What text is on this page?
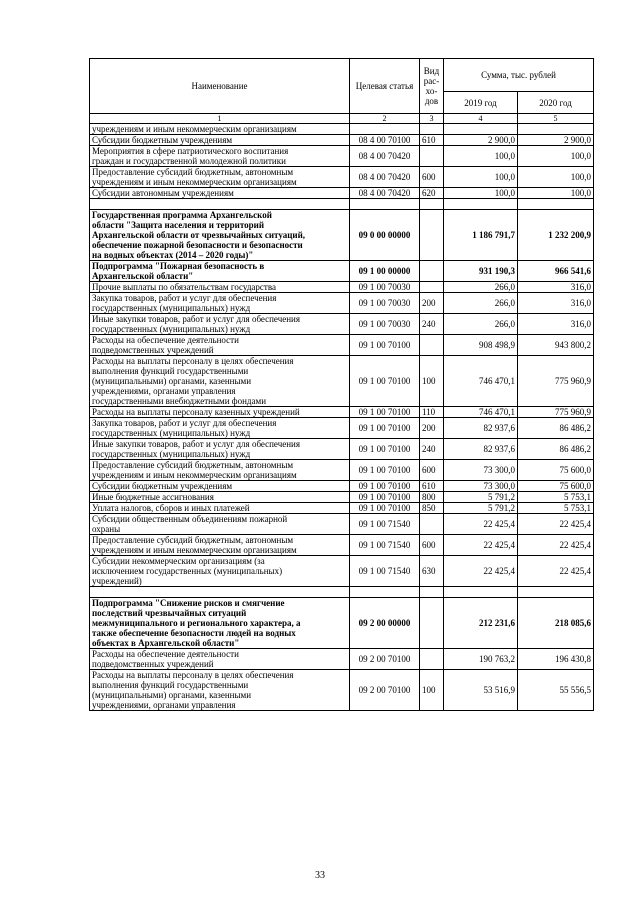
Наименование	Целевая статья	Вид
рас-
хо-
дов	Сумма, тыс. рублей	
			2019 год	2020 год
1	2	3	4	5

учреждениям и иным некоммерческим организациям				

Субсидии бюджетным учреждениям	08 4 00 70100	610	2 900,0	2 900,0

Мероприятия в сфере патриотического воспитания
граждан и государственной молодежной политики	08 4 00 70420		100,0	100,0

Предоставление субсидий бюджетным, автономным
учреждениям и иным некоммерческим организациям	08 4 00 70420	600	100,0	100,0

Субсидии автономным учреждениям	08 4 00 70420	620	100,0	100,0

Государственная программа Архангельской
области "Защита населения и территорий
Архангельской области от чрезвычайных ситуаций,
обеспечение пожарной безопасности и безопасности
на водных объектах (2014 – 2020 годы)"	09 0 00 00000		1 186 791,7	1 232 200,9

Подпрограмма "Пожарная безопасность в
Архангельской области"	09 1 00 00000		931 190,3	966 541,6

Прочие выплаты по обязательствам государства	09 1 00 70030		266,0	316,0

Закупка товаров, работ и услуг для обеспечения
государственных (муниципальных) нужд	09 1 00 70030	200	266,0	316,0

Иные закупки товаров, работ и услуг для обеспечения
государственных (муниципальных) нужд	09 1 00 70030	240	266,0	316,0

Расходы на обеспечение деятельности
подведомственных учреждений	09 1 00 70100		908 498,9	943 800,2

Расходы на выплаты персоналу в целях обеспечения
выполнения функций государственными
(муниципальными) органами, казенными
учреждениями, органами управления
государственными внебюджетными фондами	09 1 00 70100	100	746 470,1	775 960,9

Расходы на выплаты персоналу казенных учреждений	09 1 00 70100	110	746 470,1	775 960,9

Закупка товаров, работ и услуг для обеспечения
государственных (муниципальных) нужд	09 1 00 70100	200	82 937,6	86 486,2

Иные закупки товаров, работ и услуг для обеспечения
государственных (муниципальных) нужд	09 1 00 70100	240	82 937,6	86 486,2

Предоставление субсидий бюджетным, автономным
учреждениям и иным некоммерческим организациям	09 1 00 70100	600	73 300,0	75 600,0

Субсидии бюджетным учреждениям	09 1 00 70100	610	73 300,0	75 600,0

Иные бюджетные ассигнования	09 1 00 70100	800	5 791,2	5 753,1

Уплата налогов, сборов и иных платежей	09 1 00 70100	850	5 791,2	5 753,1

Субсидии общественным объединениям пожарной
охраны	09 1 00 71540		22 425,4	22 425,4

Предоставление субсидий бюджетным, автономным
учреждениям и иным некоммерческим организациям	09 1 00 71540	600	22 425,4	22 425,4

Субсидии некоммерческим организациям (за
исключением государственных (муниципальных)
учреждений)	09 1 00 71540	630	22 425,4	22 425,4

Подпрограмма "Снижение рисков и смягчение
последствий чрезвычайных ситуаций
межмуниципального и регионального характера, а
также обеспечение безопасности людей на водных
объектах в Архангельской области"	09 2 00 00000		212 231,6	218 085,6

Расходы на обеспечение деятельности
подведомственных учреждений	09 2 00 70100		190 763,2	196 430,8

Расходы на выплаты персоналу в целях обеспечения
выполнения функций государственными
(муниципальными) органами, казенными
учреждениями, органами управления	09 2 00 70100	100	53 516,9	55 556,5
33
